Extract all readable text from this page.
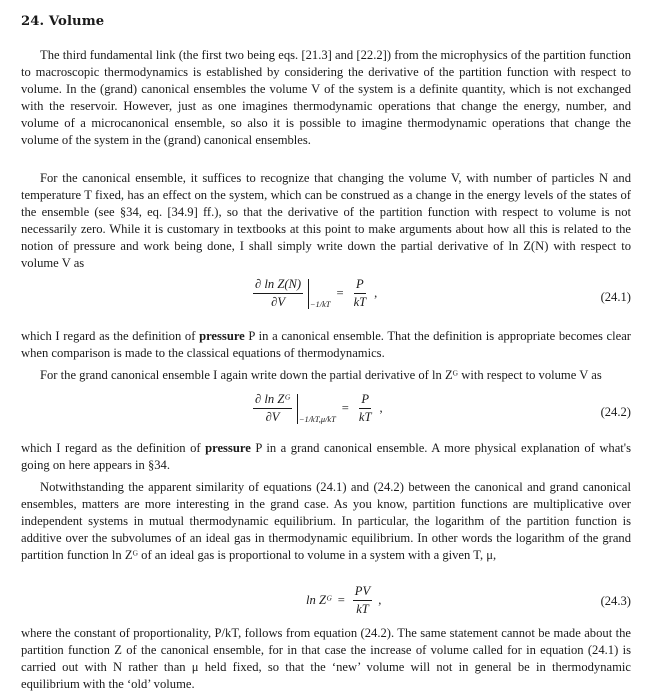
24. Volume

The third fundamental link (the first two being eqs. [21.3] and [22.2]) from the microphysics of the partition function to macroscopic thermodynamics is established by considering the derivative of the partition function with respect to volume. In the (grand) canonical ensembles the volume V of the system is a definite quantity, which is not exchanged with the reservoir. However, just as one imagines thermodynamic operations that change the energy, number, and volume of a microcanonical ensemble, so also it is possible to imagine thermodynamic operations that change the volume of the system in the (grand) canonical ensembles.

For the canonical ensemble, it suffices to recognize that changing the volume V, with number of particles N and temperature T fixed, has an effect on the system, which can be construed as a change in the energy levels of the states of the ensemble (see §34, eq. [34.9] ff.), so that the derivative of the partition function with respect to volume is not necessarily zero. While it is customary in textbooks at this point to make arguments about how all this is related to the notion of pressure and work being done, I shall simply write down the partial derivative of ln Z(N) with respect to volume V as

$\frac{\text{∂ ln Z(N)}}{\partial V} -1/kT$
= $\frac{P}{kT}$ ,	(24.1)

which I regard as the definition of pressure P in a canonical ensemble. That the definition is appropriate becomes clear when comparison is made to the classical equations of thermodynamics.

For the grand canonical ensemble I again write down the partial derivative of ln Zᴳ with respect to volume V as

$\frac{\text{∂ ln Zᴳ}}{\partial V} -1/kT,\mu/kT$
= $\frac{P}{kT}$ ,	(24.2)

which I regard as the definition of pressure P in a grand canonical ensemble. A more physical explanation of what's going on here appears in §34.

Notwithstanding the apparent similarity of equations (24.1) and (24.2) between the canonical and grand canonical ensembles, matters are more interesting in the grand case. As you know, partition functions are multiplicative over independent systems in mutual thermodynamic equilibrium. In particular, the logarithm of the partition function is additive over the subvolumes of an ideal gas in thermodynamic equilibrium. In other words the logarithm of the grand partition function ln Zᴳ of an ideal gas is proportional to volume in a system with a given T, μ,

ln Zᴳ = $\frac{PV}{kT}$ ,	(24.3)

where the constant of proportionality, P/kT, follows from equation (24.2). The same statement cannot be made about the partition function Z of the canonical ensemble, for in that case the increase of volume called for in equation (24.1) is carried out with N rather than μ held fixed, so that the ‘new’ volume will not in general be in thermodynamic equilibrium with the ‘old’ volume.
